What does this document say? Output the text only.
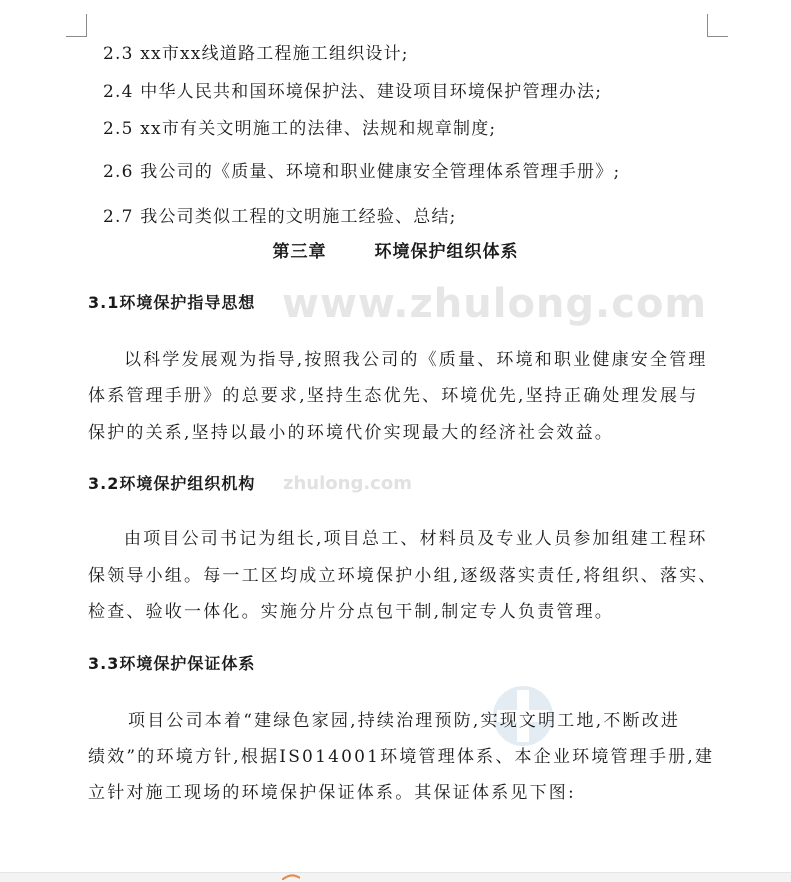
www.zhulong.com
zhulong.com
2.3 xx市xx线道路工程施工组织设计;
2.4 中华人民共和国环境保护法、建设项目环境保护管理办法;
2.5 xx市有关文明施工的法律、法规和规章制度;
2.6 我公司的《质量、环境和职业健康安全管理体系管理手册》;
2.7 我公司类似工程的文明施工经验、总结;
第三章	环境保护组织体系
3.1环境保护指导思想
以科学发展观为指导,按照我公司的《质量、环境和职业健康安全管理
体系管理手册》的总要求,坚持生态优先、环境优先,坚持正确处理发展与
保护的关系,坚持以最小的环境代价实现最大的经济社会效益。
3.2环境保护组织机构
由项目公司书记为组长,项目总工、材料员及专业人员参加组建工程环
保领导小组。每一工区均成立环境保护小组,逐级落实责任,将组织、落实、
检查、验收一体化。实施分片分点包干制,制定专人负责管理。
3.3环境保护保证体系
项目公司本着“建绿色家园,持续治理预防,实现文明工地,不断改进
绩效”的环境方针,根据IS014001环境管理体系、本企业环境管理手册,建
立针对施工现场的环境保护保证体系。其保证体系见下图:
